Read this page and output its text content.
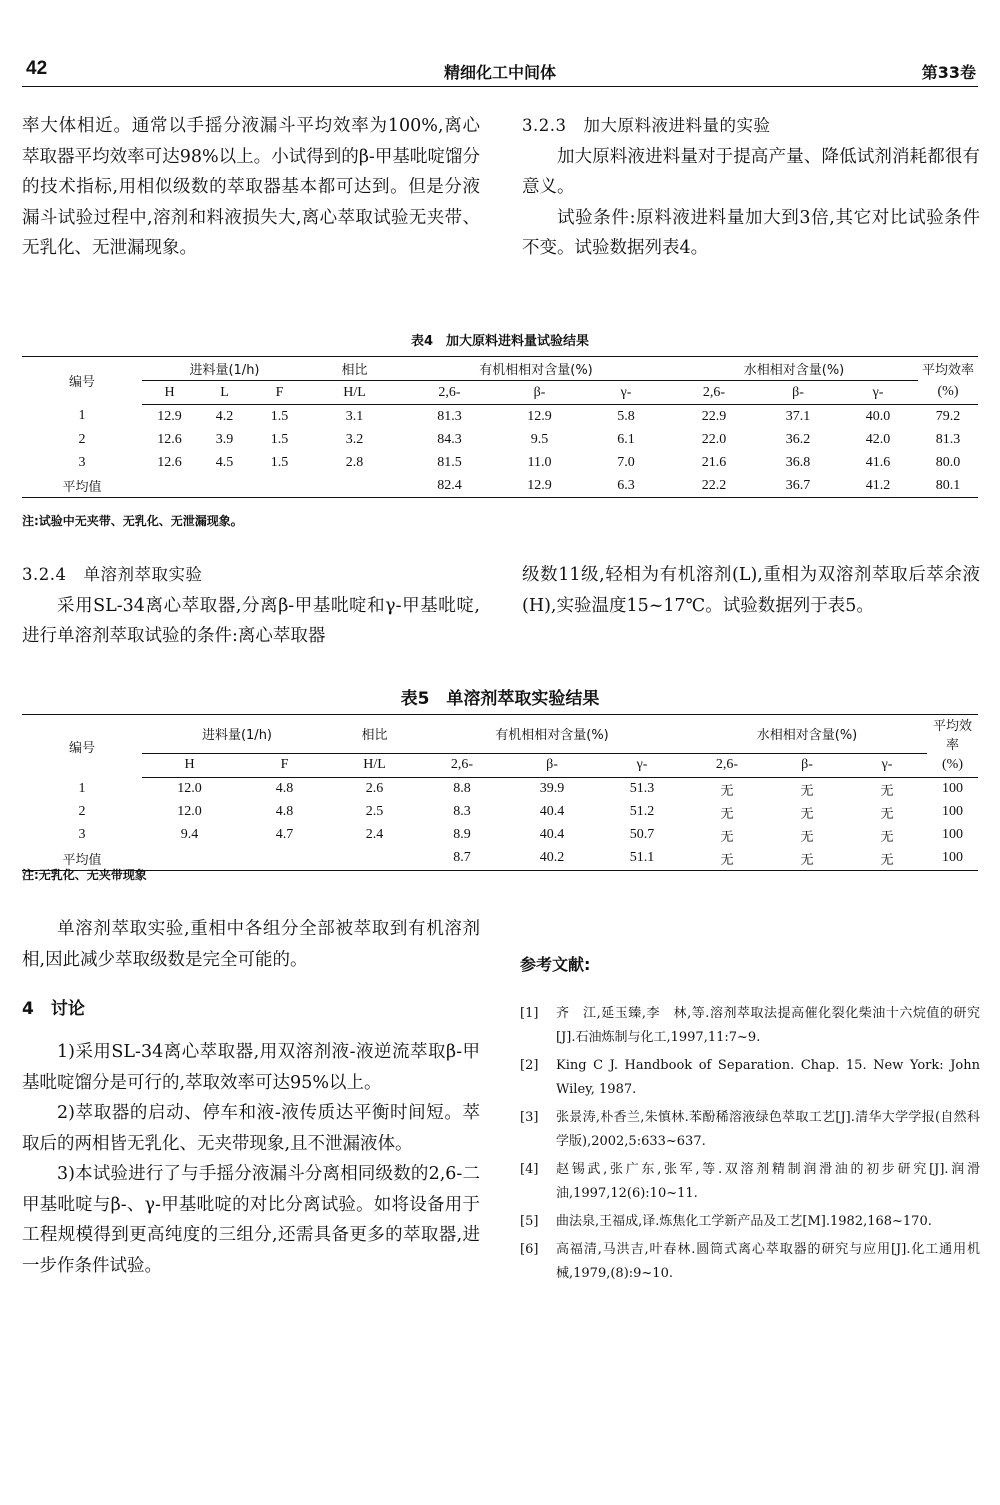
42	精细化工中间体	第33卷

率大体相近。通常以手摇分液漏斗平均效率为100%,离心萃取器平均效率可达98%以上。小试得到的β-甲基吡啶馏分的技术指标,用相似级数的萃取器基本都可达到。但是分液漏斗试验过程中,溶剂和料液损失大,离心萃取试验无夹带、无乳化、无泄漏现象。

3.2.3　加大原料液进料量的实验

加大原料液进料量对于提高产量、降低试剂消耗都很有意义。

试验条件:原料液进料量加大到3倍,其它对比试验条件不变。试验数据列表4。

表4　加大原料进料量试验结果
编号	进料量(1/h)			相比	有机相相对含量(%)			水相相对含量(%)			平均效率
	H	L	F	H/L	2,6-	β-	γ-	2,6-	β-	γ-	(%)
1	12.9	4.2	1.5	3.1	81.3	12.9	5.8	22.9	37.1	40.0	79.2
2	12.6	3.9	1.5	3.2	84.3	9.5	6.1	22.0	36.2	42.0	81.3
3	12.6	4.5	1.5	2.8	81.5	11.0	7.0	21.6	36.8	41.6	80.0
平均值					82.4	12.9	6.3	22.2	36.7	41.2	80.1
注:试验中无夹带、无乳化、无泄漏现象。

3.2.4　单溶剂萃取实验

采用SL-34离心萃取器,分离β-甲基吡啶和γ-甲基吡啶,进行单溶剂萃取试验的条件:离心萃取器

级数11级,轻相为有机溶剂(L),重相为双溶剂萃取后萃余液(H),实验温度15~17℃。试验数据列于表5。

表5　单溶剂萃取实验结果
编号	进料量(1/h)		相比	有机相相对含量(%)			水相相对含量(%)			平均效率
	H	F	H/L	2,6-	β-	γ-	2,6-	β-	γ-	(%)
1	12.0	4.8	2.6	8.8	39.9	51.3	无	无	无	100
2	12.0	4.8	2.5	8.3	40.4	51.2	无	无	无	100
3	9.4	4.7	2.4	8.9	40.4	50.7	无	无	无	100
平均值				8.7	40.2	51.1	无	无	无	100
注:无乳化、无夹带现象

单溶剂萃取实验,重相中各组分全部被萃取到有机溶剂相,因此减少萃取级数是完全可能的。

4　讨论

1)采用SL-34离心萃取器,用双溶剂液-液逆流萃取β-甲基吡啶馏分是可行的,萃取效率可达95%以上。

2)萃取器的启动、停车和液-液传质达平衡时间短。萃取后的两相皆无乳化、无夹带现象,且不泄漏液体。

3)本试验进行了与手摇分液漏斗分离相同级数的2,6-二甲基吡啶与β-、γ-甲基吡啶的对比分离试验。如将设备用于工程规模得到更高纯度的三组分,还需具备更多的萃取器,进一步作条件试验。

参考文献:
[1]	齐　江,延玉臻,李　林,等.溶剂萃取法提高催化裂化柴油十六烷值的研究[J].石油炼制与化工,1997,11:7~9.
[2]	King C J. Handbook of Separation. Chap. 15. New York: John Wiley, 1987.
[3]	张景涛,朴香兰,朱慎林.苯酚稀溶液绿色萃取工艺[J].清华大学学报(自然科学版),2002,5:633~637.
[4]	赵锡武,张广东,张军,等.双溶剂精制润滑油的初步研究[J].润滑油,1997,12(6):10~11.
[5]	曲法泉,王福成,译.炼焦化工学新产品及工艺[M].1982,168~170.
[6]	高福清,马洪吉,叶春林.圆筒式离心萃取器的研究与应用[J].化工通用机械,1979,(8):9~10.
